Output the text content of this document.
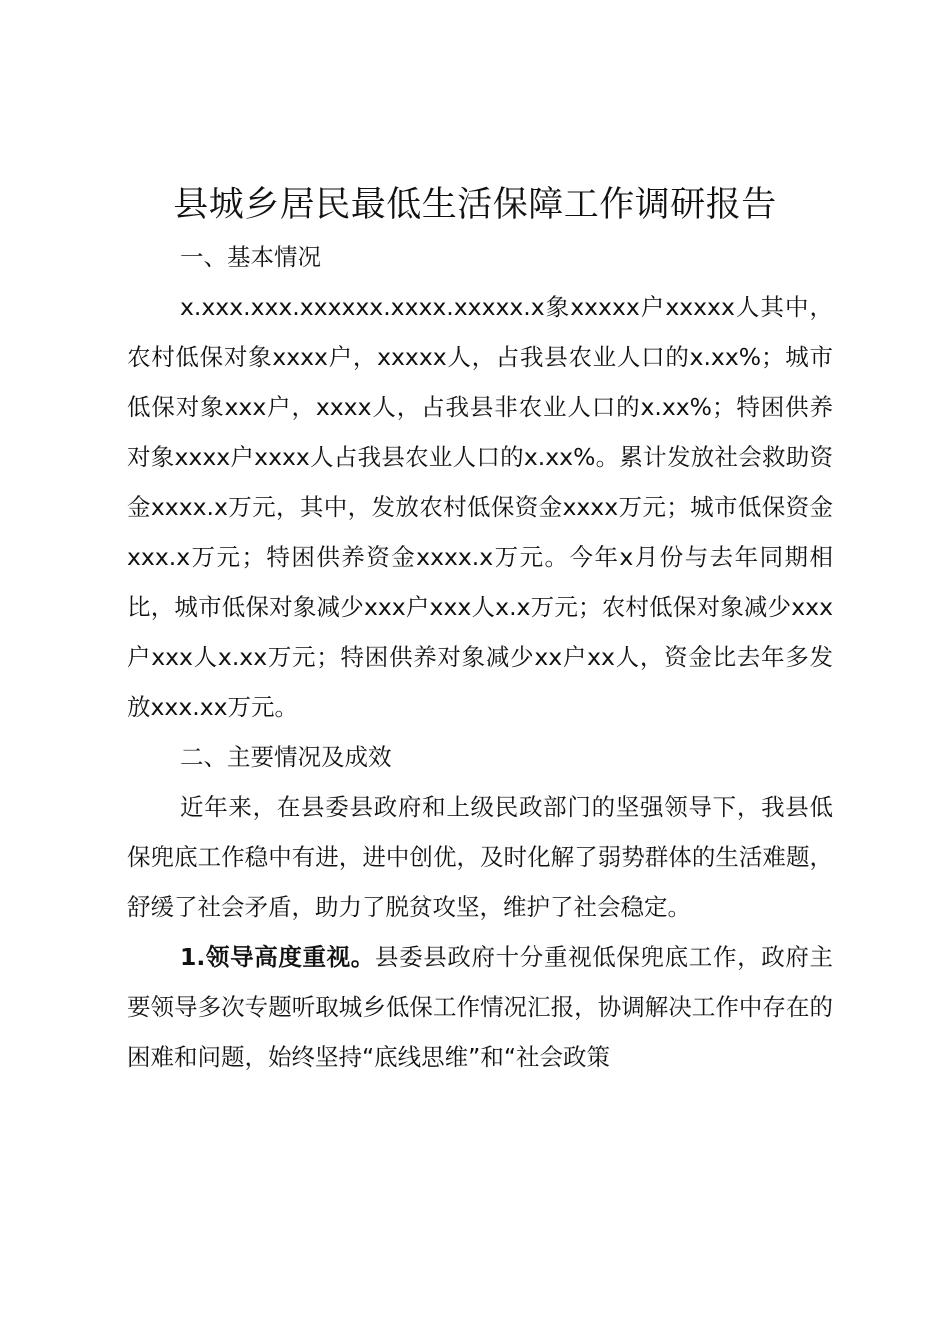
县城乡居民最低生活保障工作调研报告

一、基本情况

x.xxx.xxx.xxxxxx.xxxx.xxxxx.x象xxxxx户xxxxx人其中，农村低保对象xxxx户，xxxxx人，占我县农业人口的x.xx%；城市低保对象xxx户，xxxx人，占我县非农业人口的x.xx%；特困供养对象xxxx户xxxx人占我县农业人口的x.xx%。累计发放社会救助资金xxxx.x万元，其中，发放农村低保资金xxxx万元；城市低保资金xxx.x万元；特困供养资金xxxx.x万元。今年x月份与去年同期相比，城市低保对象减少xxx户xxx人x.x万元；农村低保对象减少xxx户xxx人x.xx万元；特困供养对象减少xx户xx人，资金比去年多发放xxx.xx万元。

二、主要情况及成效

近年来，在县委县政府和上级民政部门的坚强领导下，我县低保兜底工作稳中有进，进中创优，及时化解了弱势群体的生活难题，舒缓了社会矛盾，助力了脱贫攻坚，维护了社会稳定。

1.领导高度重视。县委县政府十分重视低保兜底工作，政府主要领导多次专题听取城乡低保工作情况汇报，协调解决工作中存在的困难和问题，始终坚持“底线思维”和“社会政策
